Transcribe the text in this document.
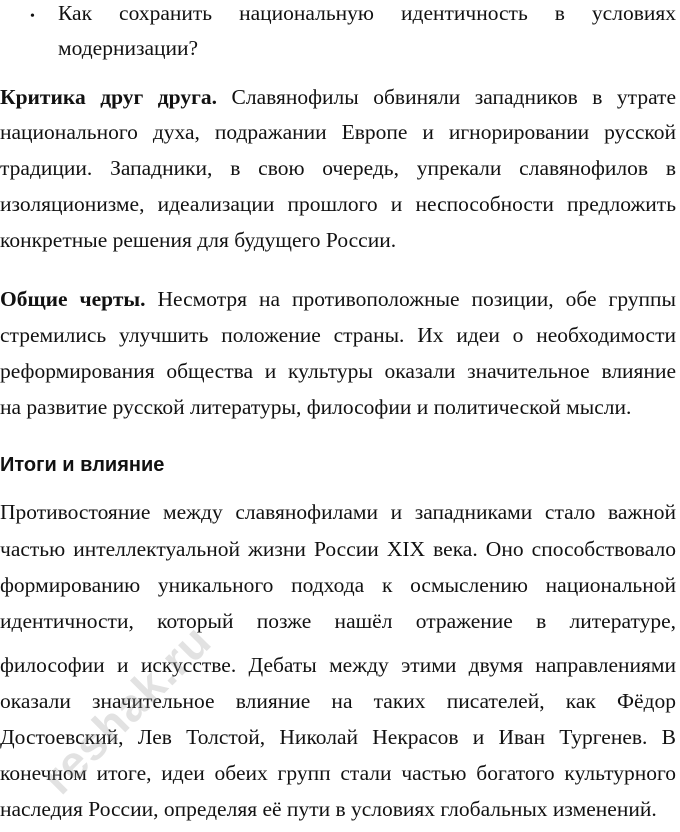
• Как сохранить национальную идентичность в условиях
модернизации?
Критика друг друга. Славянофилы обвиняли западников в утрате
национального духа, подражании Европе и игнорировании русской
традиции. Западники, в свою очередь, упрекали славянофилов в
изоляционизме, идеализации прошлого и неспособности предложить
конкретные решения для будущего России.
Общие черты. Несмотря на противоположные позиции, обе группы
стремились улучшить положение страны. Их идеи о необходимости
реформирования общества и культуры оказали значительное влияние
на развитие русской литературы, философии и политической мысли.
Итоги и влияние
Противостояние между славянофилами и западниками стало важной
частью интеллектуальной жизни России XIX века. Оно способствовало
формированию уникального подхода к осмыслению национальной
идентичности, который позже нашёл отражение в литературе,
философии и искусстве. Дебаты между этими двумя направлениями
оказали значительное влияние на таких писателей, как Фёдор
Достоевский, Лев Толстой, Николай Некрасов и Иван Тургенев. В
конечном итоге, идеи обеих групп стали частью богатого культурного
наследия России, определяя её пути в условиях глобальных изменений.
reshak.ru
